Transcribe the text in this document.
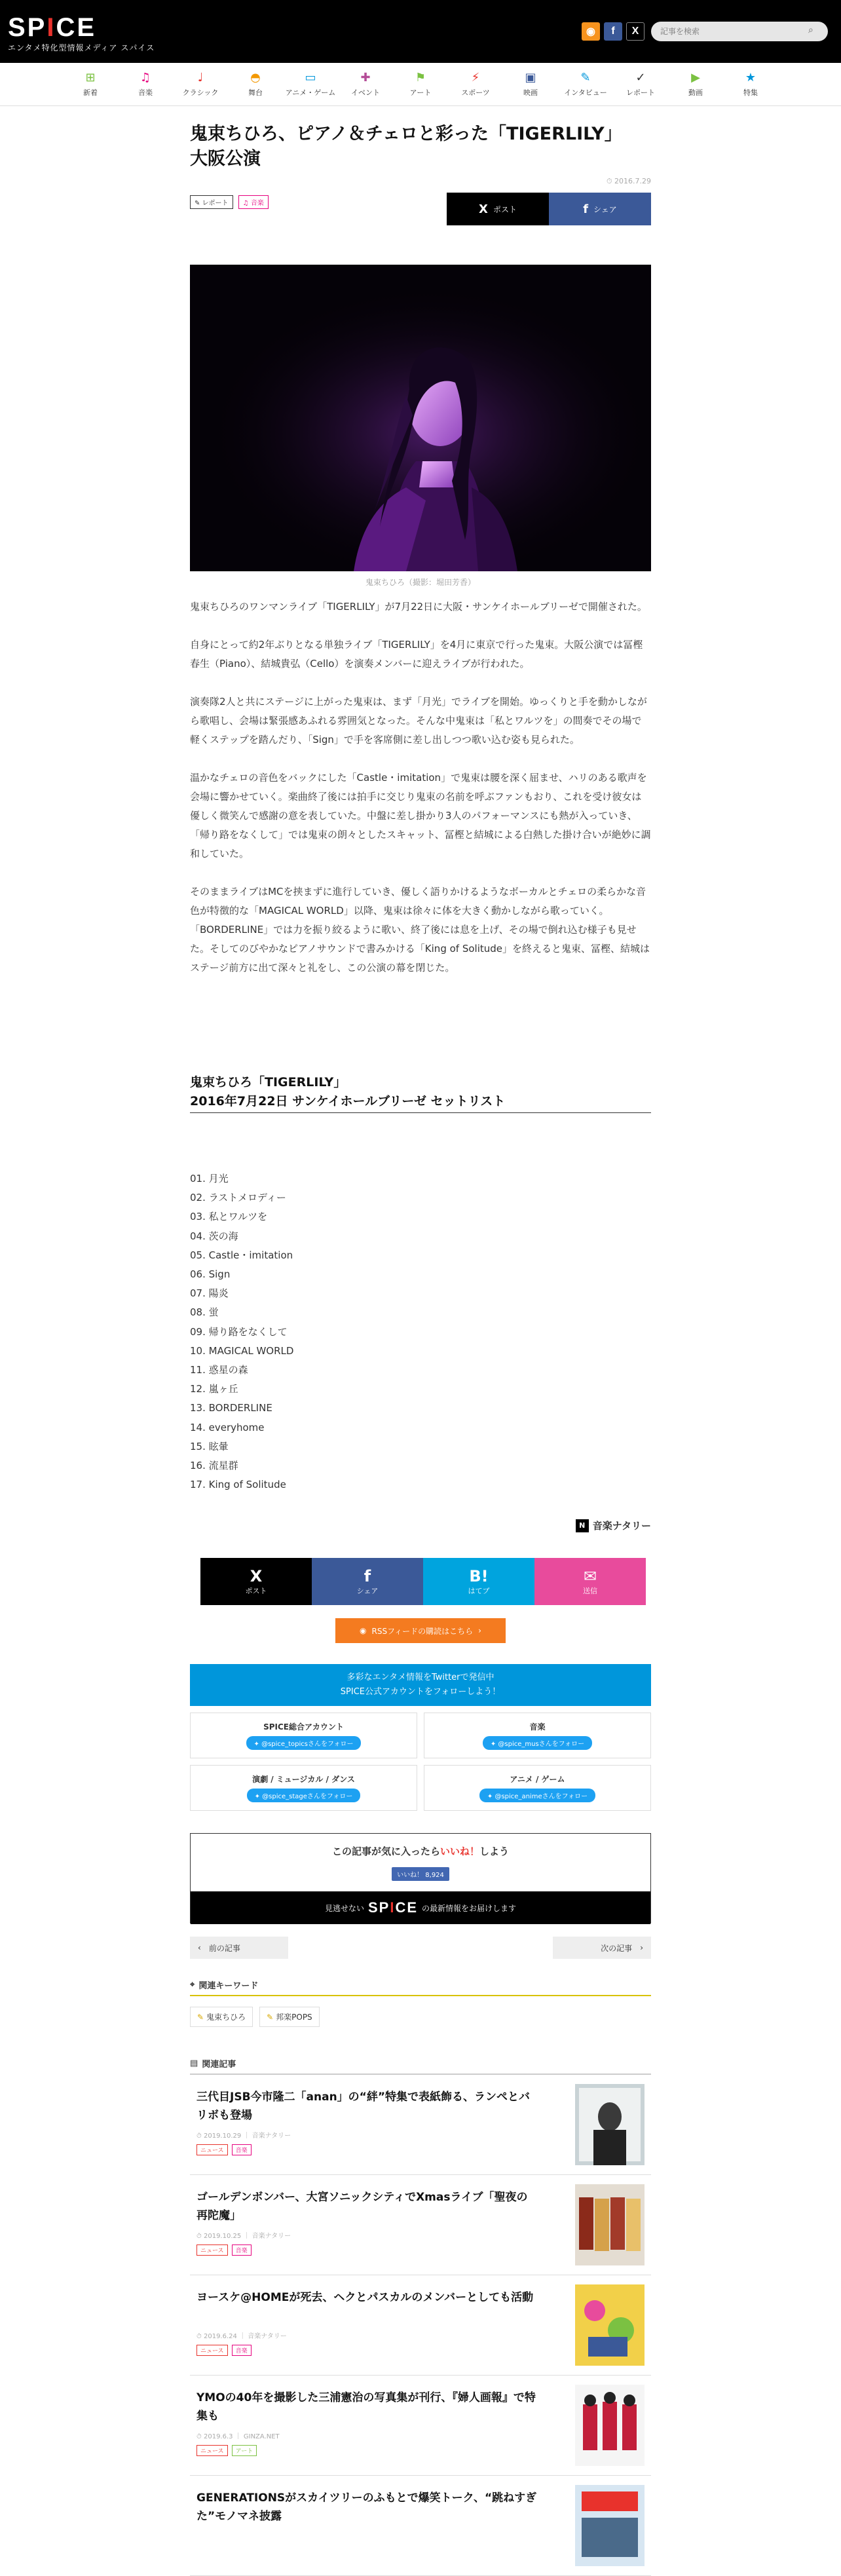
SPICE
エンタメ特化型情報メディア スパイス
◉	f	X
記事を検索	⌕
⊞
新着
♫
音楽
♩
クラシック
◓
舞台
▭
アニメ・ゲーム
✚
イベント
⚑
アート
⚡
スポーツ
▣
映画
✎
インタビュー
✓
レポート
▶
動画
★
特集
鬼束ちひろ、ピアノ＆チェロと彩った「TIGERLILY」
大阪公演
⏱ 2016.7.29
✎ レポート	♫ 音楽	X ポスト	f シェア
鬼束ちひろ（撮影：堀田芳香）

鬼束ちひろのワンマンライブ「TIGERLILY」が7月22日に大阪・サンケイホールブリーゼで開催された。

自身にとって約2年ぶりとなる単独ライブ「TIGERLILY」を4月に東京で行った鬼束。大阪公演では冨樫春生（Piano）、結城貴弘（Cello）を演奏メンバーに迎えライブが行われた。

演奏隊2人と共にステージに上がった鬼束は、まず「月光」でライブを開始。ゆっくりと手を動かしながら歌唱し、会場は緊張感あふれる雰囲気となった。そんな中鬼束は「私とワルツを」の間奏でその場で軽くステップを踏んだり、「Sign」で手を客席側に差し出しつつ歌い込む姿も見られた。

温かなチェロの音色をバックにした「Castle・imitation」で鬼束は腰を深く屈ませ、ハリのある歌声を会場に響かせていく。楽曲終了後には拍手に交じり鬼束の名前を呼ぶファンもおり、これを受け彼女は優しく微笑んで感謝の意を表していた。中盤に差し掛かり3人のパフォーマンスにも熱が入っていき、「帰り路をなくして」では鬼束の朗々としたスキャット、冨樫と結城による白熱した掛け合いが絶妙に調和していた。

そのままライブはMCを挟まずに進行していき、優しく語りかけるようなボーカルとチェロの柔らかな音色が特徴的な「MAGICAL WORLD」以降、鬼束は徐々に体を大きく動かしながら歌っていく。「BORDERLINE」では力を振り絞るように歌い、終了後には息を上げ、その場で倒れ込む様子も見せた。そしてのびやかなピアノサウンドで書みかける「King of Solitude」を終えると鬼束、冨樫、結城はステージ前方に出て深々と礼をし、この公演の幕を閉じた。

鬼束ちひろ「TIGERLILY」
2016年7月22日 サンケイホールブリーゼ セットリスト
01. 月光
02. ラストメロディー
03. 私とワルツを
04. 茨の海
05. Castle・imitation
06. Sign
07. 陽炎
08. 蛍
09. 帰り路をなくして
10. MAGICAL WORLD
11. 惑星の森
12. 嵐ヶ丘
13. BORDERLINE
14. everyhome
15. 眩暈
16. 流星群
17. King of Solitude
N 音楽ナタリー
X
ポスト
f
シェア
B!
はてブ
✉
送信
◉ RSSフィードの購読はこちら ›
多彩なエンタメ情報をTwitterで発信中
SPICE公式アカウントをフォローしよう！
SPICE総合アカウント
✦ @spice_topicsさんをフォロー
音楽
✦ @spice_musさんをフォロー
演劇 / ミュージカル / ダンス
✦ @spice_stageさんをフォロー
アニメ / ゲーム
✦ @spice_animeさんをフォロー
この記事が気に入ったらいいね！しよう
いいね！ 8,924
見逃せない SPICE の最新情報をお届けします
‹ 前の記事	次の記事 ›
⌖ 関連キーワード
✎ 鬼束ちひろ	✎ 邦楽POPS
▤ 関連記事
三代目JSB今市隆二「anan」の“絆”特集で表紙飾る、ランペとバリボも登場
⏱ 2019.10.29 ｜ 音楽ナタリー
ニュース	音楽
ゴールデンボンバー、大宮ソニックシティでXmasライブ「聖夜の再陀魔」
⏱ 2019.10.25 ｜ 音楽ナタリー
ニュース	音楽
ヨースケ@HOMEが死去、ヘクとパスカルのメンバーとしても活動
⏱ 2019.6.24 ｜ 音楽ナタリー
ニュース	音楽
YMOの40年を撮影した三浦憲治の写真集が刊行、『婦人画報』で特集も
⏱ 2019.6.3 ｜ GINZA.NET
ニュース	アート
GENERATIONSがスカイツリーのふもとで爆笑トーク、“跳ねすぎた”モノマネ披露
